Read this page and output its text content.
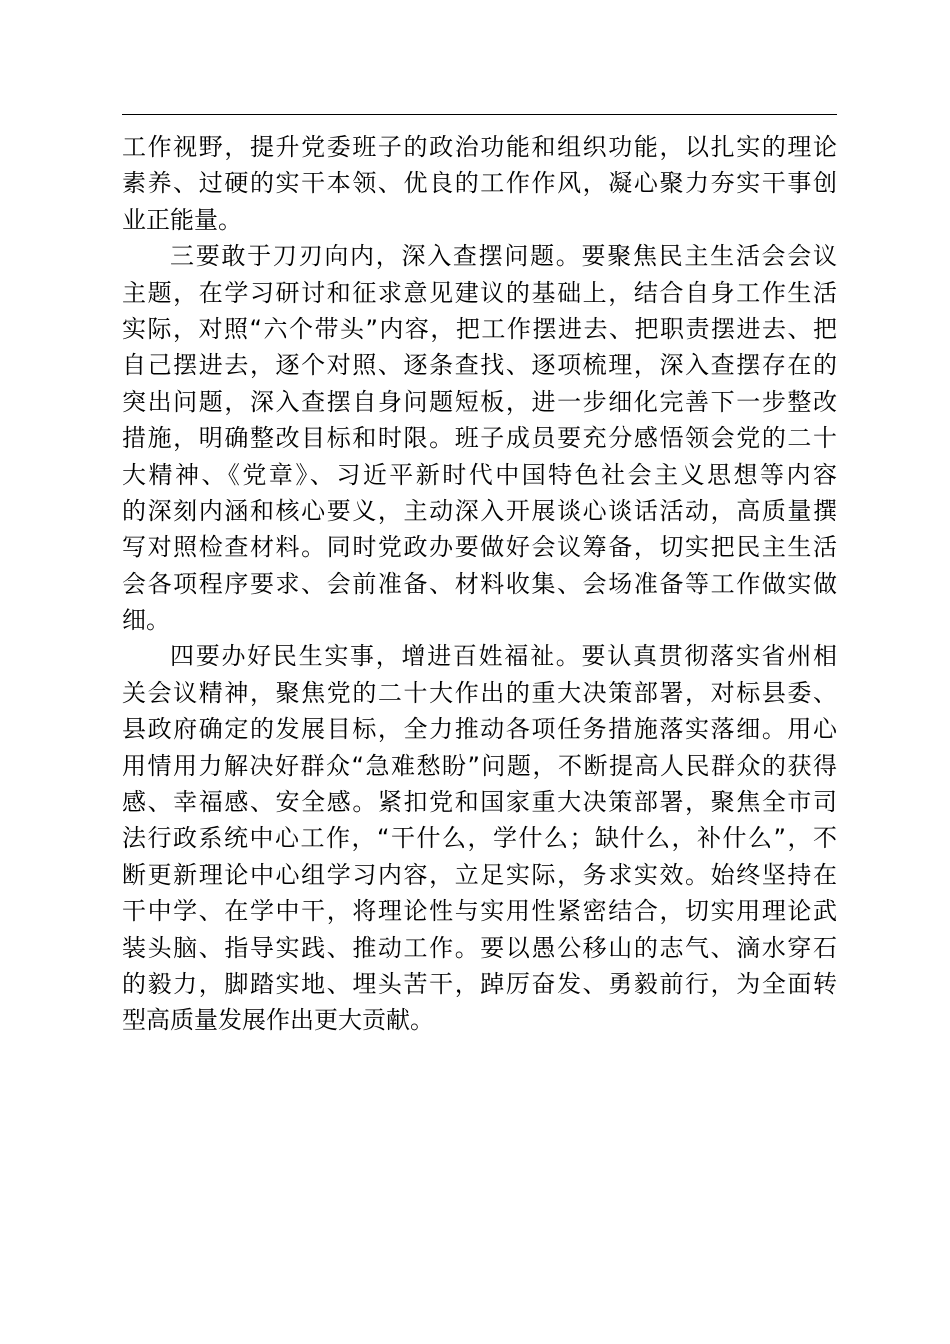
工作视野，提升党委班子的政治功能和组织功能，以扎实的理论
素养、过硬的实干本领、优良的工作作风，凝心聚力夯实干事创
业正能量。
三要敢于刀刃向内，深入查摆问题。要聚焦民主生活会会议
主题，在学习研讨和征求意见建议的基础上，结合自身工作生活
实际，对照“六个带头”内容，把工作摆进去、把职责摆进去、把
自己摆进去，逐个对照、逐条查找、逐项梳理，深入查摆存在的
突出问题，深入查摆自身问题短板，进一步细化完善下一步整改
措施，明确整改目标和时限。班子成员要充分感悟领会党的二十
大精神、《党章》、习近平新时代中国特色社会主义思想等内容
的深刻内涵和核心要义，主动深入开展谈心谈话活动，高质量撰
写对照检查材料。同时党政办要做好会议筹备，切实把民主生活
会各项程序要求、会前准备、材料收集、会场准备等工作做实做
细。
四要办好民生实事，增进百姓福祉。要认真贯彻落实省州相
关会议精神，聚焦党的二十大作出的重大决策部署，对标县委、
县政府确定的发展目标，全力推动各项任务措施落实落细。用心
用情用力解决好群众“急难愁盼”问题，不断提高人民群众的获得
感、幸福感、安全感。紧扣党和国家重大决策部署，聚焦全市司
法行政系统中心工作，“干什么，学什么；缺什么，补什么”，不
断更新理论中心组学习内容，立足实际，务求实效。始终坚持在
干中学、在学中干，将理论性与实用性紧密结合，切实用理论武
装头脑、指导实践、推动工作。要以愚公移山的志气、滴水穿石
的毅力，脚踏实地、埋头苦干，踔厉奋发、勇毅前行，为全面转
型高质量发展作出更大贡献。
